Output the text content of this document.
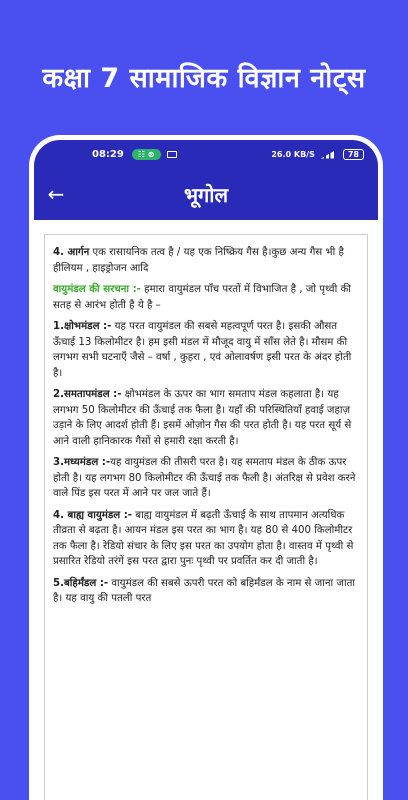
कक्षा 7 सामाजिक विज्ञान नोट्स
08:29	☷ ⊗	26.0 KB/S	78
←	भूगोल

4. आर्गन एक रासायनिक तत्व है / यह एक निष्क्रिय गैस है।कुछ अन्य गैस भी है हीलियम , हाइड्रोजन आदि

वायुमंडल की सरचना :- हमारा वायुमंडल पाँच परतों में विभाजित है , जो पृथ्वी की सतह से आरंभ होती है ये है –

1.क्षोभमंडल :- यह परत वायुमंडल की सबसे महत्वपूर्ण परत है। इसकी औसत ऊँचाई 13 किलोमीटर है। हम इसी मंडल में मौजूद वायु में साँस लेते है। मौसम की लगभग सभी घटनाएँ जैसे – वर्षा , कुहरा , एवं ओलावर्षण इसी परत के अंदर होती है।

2.समतापमंडल :- क्षोभमंडल के ऊपर का भाग समताप मंडल कहलाता है। यह लगभग 50 किलोमीटर की ऊँचाई तक फैला है। यहाँ की परिस्थितियाँ हवाई जहाज़ उड़ाने के लिए आदर्श होती हैं। इसमें ओज़ोन गैस की परत होती है। यह परत सूर्य से आने वाली हानिकारक गैसों से हमारी रक्षा करती है।

3.मध्यमंडल :-यह वायुमंडल की तीसरी परत है। यह समताप मंडल के ठीक ऊपर होती है। यह लगभग 80 किलोमीटर की ऊँचाई तक फैली है। अंतरिक्ष से प्रवेश करने वाले पिंड इस परत में आने पर जल जाते हैं।

4. बाह्य वायुमंडल :- बाह्य वायुमंडल में बढ़ती ऊँचाई के साथ तापमान अत्यधिक तीव्रता से बढ़ता है। आयन मंडल इस परत का भाग है। यह 80 से 400 किलोमीटर तक फैला है। रेडियो संचार के लिए इस परत का उपयोग होता है। वास्तव में पृथ्वी से प्रसारित रेडियो तरंगें इस परत द्वारा पुनः पृथ्वी पर प्रवर्तित कर दी जाती है।

5.बहिर्मंडल :- वायुमंडल की सबसे ऊपरी परत को बहिर्मंडल के नाम से जाना जाता है। यह वायु की पतली परत
